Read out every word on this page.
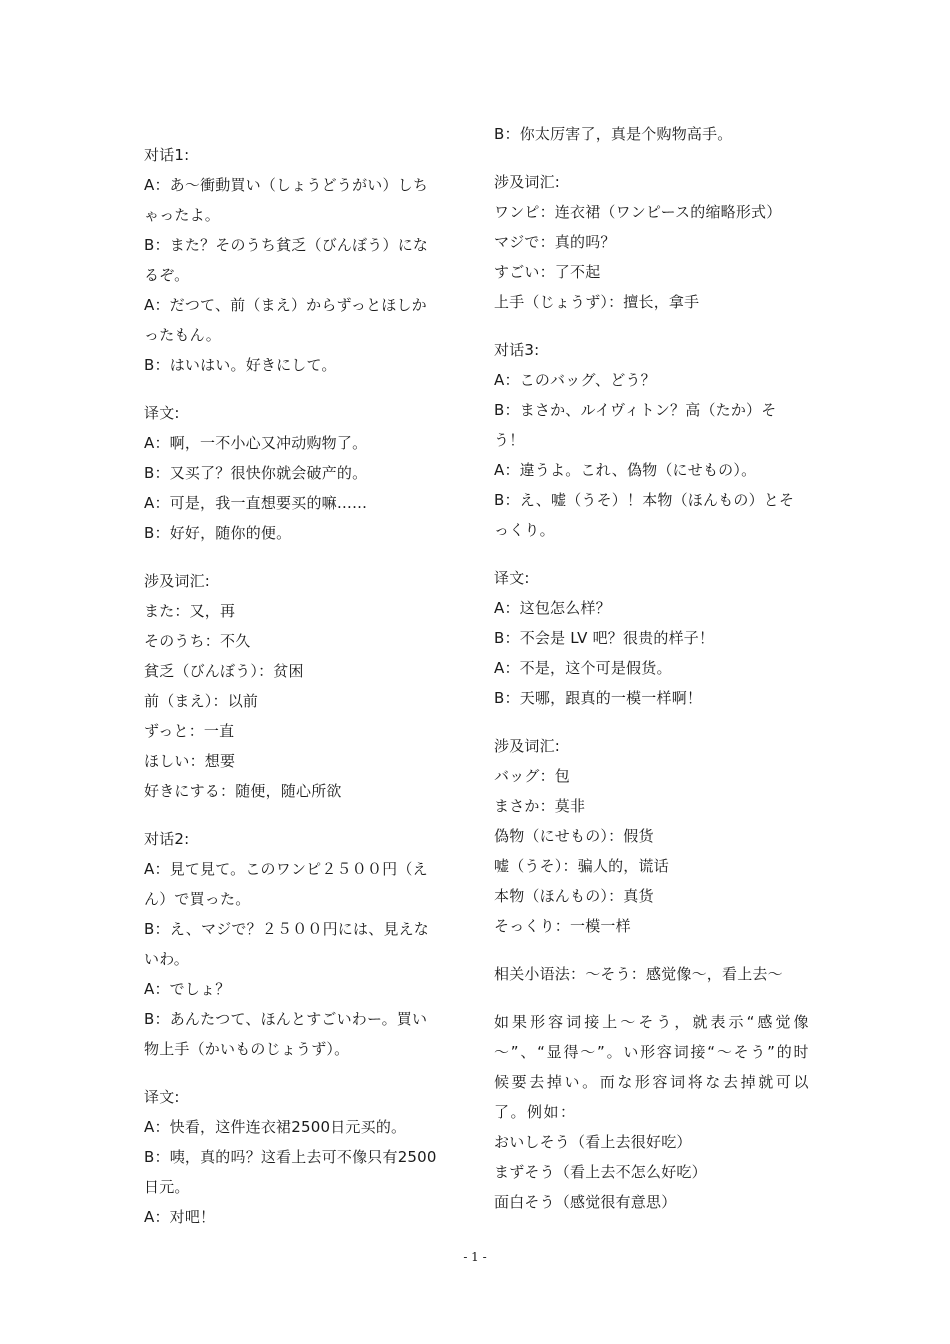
对话1:
A：あ～衝動買い（しょうどうがい）しち
ゃったよ。
B：また？そのうち貧乏（びんぼう）にな
るぞ。
A：だつて、前（まえ）からずっとほしか
ったもん。
B：はいはい。好きにして。
译文:
A：啊，一不小心又冲动购物了。
B：又买了？很快你就会破产的。
A：可是，我一直想要买的嘛……
B：好好，随你的便。
涉及词汇:
また：又，再
そのうち：不久
貧乏（びんぼう）：贫困
前（まえ）：以前
ずっと：一直
ほしい：想要
好きにする：随便，随心所欲
对话2:
A：見て見て。このワンピ２５００円（え
ん）で買った。
B：え、マジで？２５００円には、見えな
いわ。
A：でしょ？
B：あんたつて、ほんとすごいわー。買い
物上手（かいものじょうず）。
译文:
A：快看，这件连衣裙2500日元买的。
B：咦，真的吗？这看上去可不像只有2500
日元。
A：对吧！
B：你太厉害了，真是个购物高手。
涉及词汇:
ワンピ：连衣裙（ワンピース的缩略形式）
マジで：真的吗？
すごい：了不起
上手（じょうず）：擅长，拿手
对话3:
A：このバッグ、どう？
B：まさか、ルイヴィトン？高（たか）そ
う！
A：違うよ。これ、偽物（にせもの）。
B：え、嘘（うそ）！本物（ほんもの）とそ
っくり。
译文:
A：这包怎么样？
B：不会是 LV 吧？很贵的样子！
A：不是，这个可是假货。
B：天哪，跟真的一模一样啊！
涉及词汇:
バッグ：包
まさか：莫非
偽物（にせもの）：假货
嘘（うそ）：骗人的，谎话
本物（ほんもの）：真货
そっくり：一模一样
相关小语法：～そう：感觉像～，看上去～
如果形容词接上～そう，就表示“感觉像～”、“显得～”。い形容词接“～そう”的时候要去掉い。而な形容词将な去掉就可以了。例如：
おいしそう（看上去很好吃）
まずそう（看上去不怎么好吃）
面白そう（感觉很有意思）
- 1 -
